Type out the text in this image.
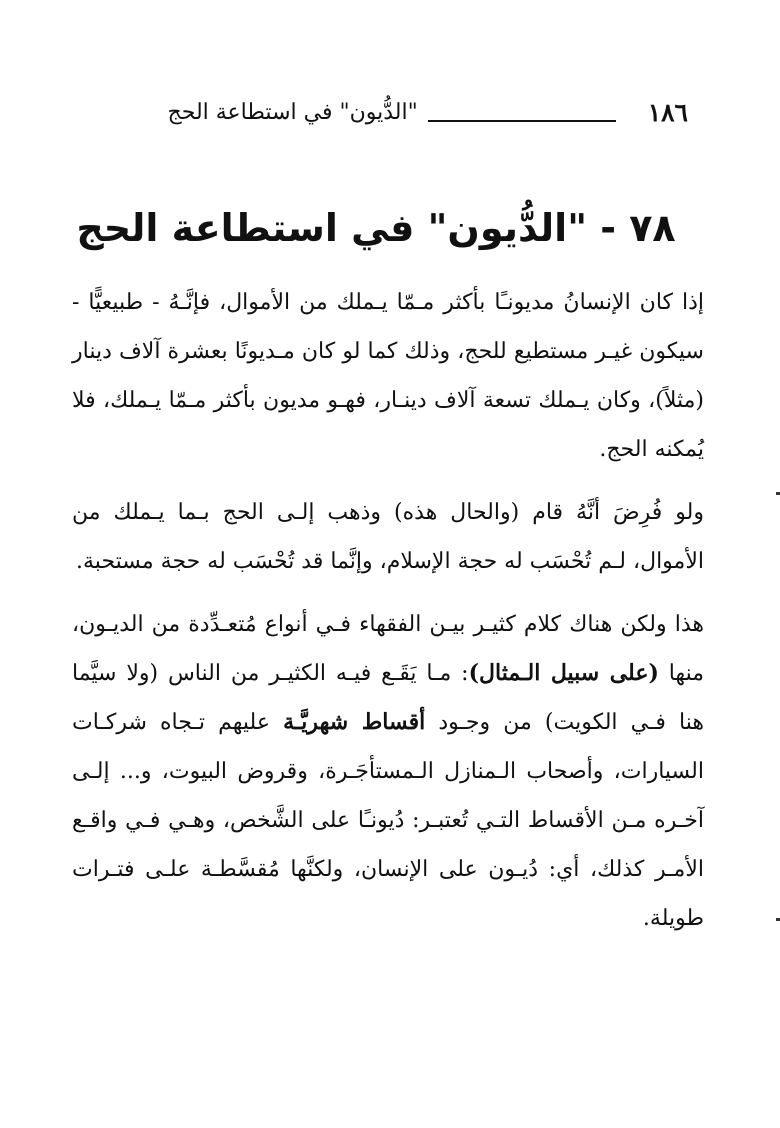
١٨٦
"الدُّيون" في استطاعة الحج
٧٨ - "الدُّيون" في استطاعة الحج

إذا كان الإنسانُ مديونـًا بأكثر مـمّا يـملك من الأموال، فإنَّـهُ - طبيعيًّا - سيكون غيـر مستطيع للحج، وذلك كما لو كان مـديونًا بعشرة آلاف دينار (مثلاً)، وكان يـملك تسعة آلاف دينـار، فهـو مديون بأكثر مـمّا يـملك، فلا يُمكنه الحج.

ولو فُرِضَ أنَّهُ قام (والحال هذه) وذهب إلـى الحج بـما يـملك من الأموال، لـم تُحْسَب له حجة الإسلام، وإنَّما قد تُحْسَب له حجة مستحبة.

هذا ولكن هناك كلام كثيـر بيـن الفقهاء فـي أنواع مُتعـدِّدة من الديـون، منها (على سبيل الـمثال): مـا يَقَـع فيـه الكثيـر من الناس (ولا سيَّما هنا فـي الكويت) من وجـود أقساط شهريَّـة عليهم تـجاه شركـات السيارات، وأصحاب الـمنازل الـمستأجَـرة، وقروض البيوت، و... إلـى آخـره مـن الأقساط التـي تُعتبـر: دُيونـًا على الشَّخص، وهـي فـي واقـع الأمـر كذلك، أي: دُيـون على الإنسان، ولكنَّها مُقسَّطـة علـى فتـرات طويلة.
